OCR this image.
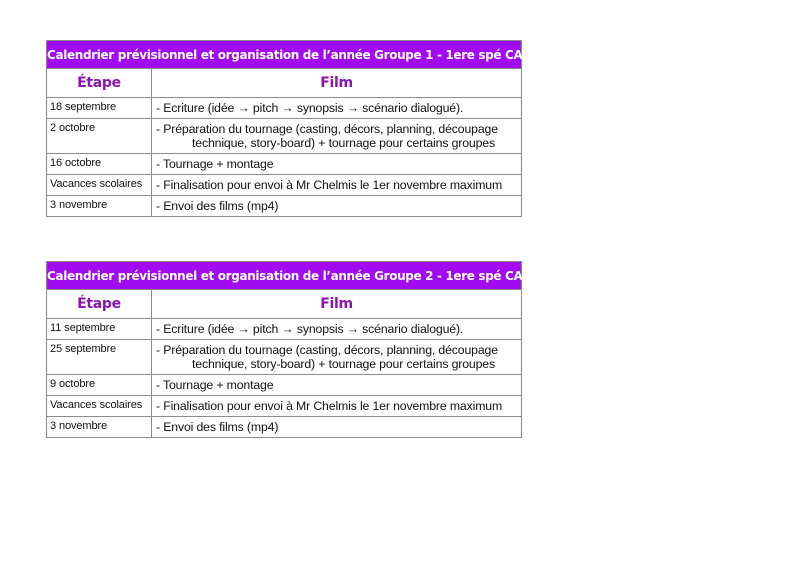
Calendrier prévisionnel et organisation de l’année Groupe 1 - 1ere spé CAV	
Étape	Film
18 septembre	- Ecriture (idée → pitch → synopsis → scénario dialogué).
2 octobre	- Préparation du tournage (casting, décors, planning, découpage
technique, story-board) + tournage pour certains groupes

16 octobre	- Tournage + montage
Vacances scolaires	- Finalisation pour envoi à Mr Chelmis le 1er novembre maximum
3 novembre	- Envoi des films (mp4)
Calendrier prévisionnel et organisation de l’année Groupe 2 - 1ere spé CAV	
Étape	Film
11 septembre	- Ecriture (idée → pitch → synopsis → scénario dialogué).
25 septembre	- Préparation du tournage (casting, décors, planning, découpage
technique, story-board) + tournage pour certains groupes

9 octobre	- Tournage + montage
Vacances scolaires	- Finalisation pour envoi à Mr Chelmis le 1er novembre maximum
3 novembre	- Envoi des films (mp4)
